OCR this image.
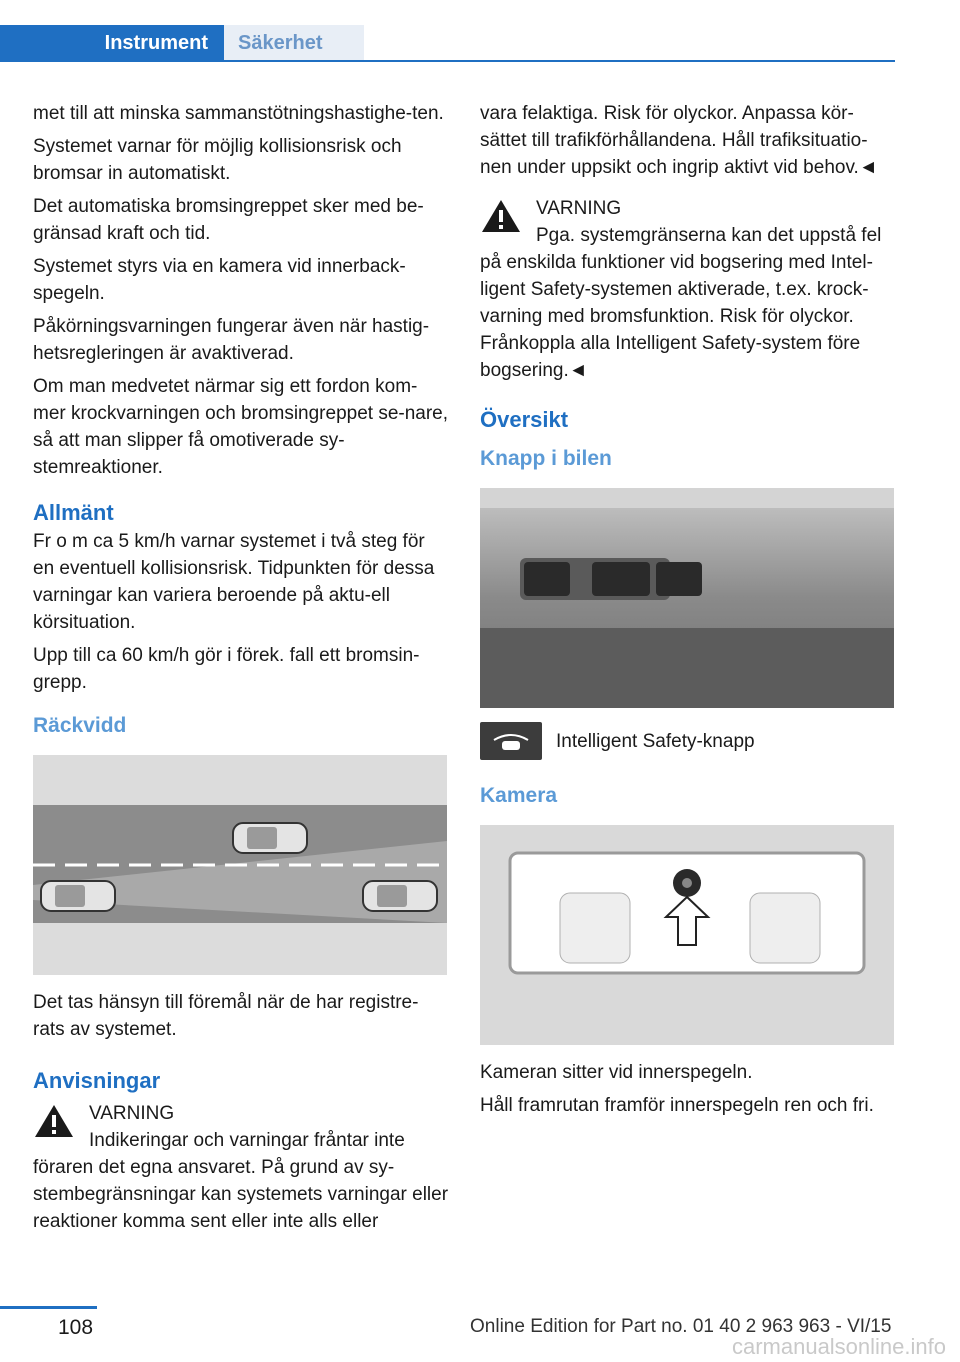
Instrument	Säkerhet

met till att minska sammanstötningshastighe-ten.

Systemet varnar för möjlig kollisionsrisk och bromsar in automatiskt.

Det automatiska bromsingreppet sker med be-gränsad kraft och tid.

Systemet styrs via en kamera vid innerback-spegeln.

Påkörningsvarningen fungerar även när hastig-hetsregleringen är avaktiverad.

Om man medvetet närmar sig ett fordon kom-mer krockvarningen och bromsingreppet se-nare, så att man slipper få omotiverade sy-stemreaktioner.

Allmänt

Fr o m ca 5 km/h varnar systemet i två steg för en eventuell kollisionsrisk. Tidpunkten för dessa varningar kan variera beroende på aktu-ell körsituation.

Upp till ca 60 km/h gör i förek. fall ett bromsin-grepp.

Räckvidd

Det tas hänsyn till föremål när de har registre-rats av systemet.

Anvisningar
VARNING
Indikeringar och varningar fråntar inte föraren det egna ansvaret. På grund av sy-stembegränsningar kan systemets varningar eller reaktioner komma sent eller inte alls eller

vara felaktiga. Risk för olyckor. Anpassa kör-sättet till trafikförhållandena. Håll trafiksituatio-nen under uppsikt och ingrip aktivt vid behov.◄

VARNING
Pga. systemgränserna kan det uppstå fel på enskilda funktioner vid bogsering med Intel-ligent Safety-systemen aktiverade, t.ex. krock-varning med bromsfunktion. Risk för olyckor. Frånkoppla alla Intelligent Safety-system före bogsering.◄
Översikt
Knapp i bilen
Intelligent Safety-knapp
Kamera

Kameran sitter vid innerspegeln.

Håll framrutan framför innerspegeln ren och fri.

108	Online Edition for Part no. 01 40 2 963 963 - VI/15
carmanualsonline.info
